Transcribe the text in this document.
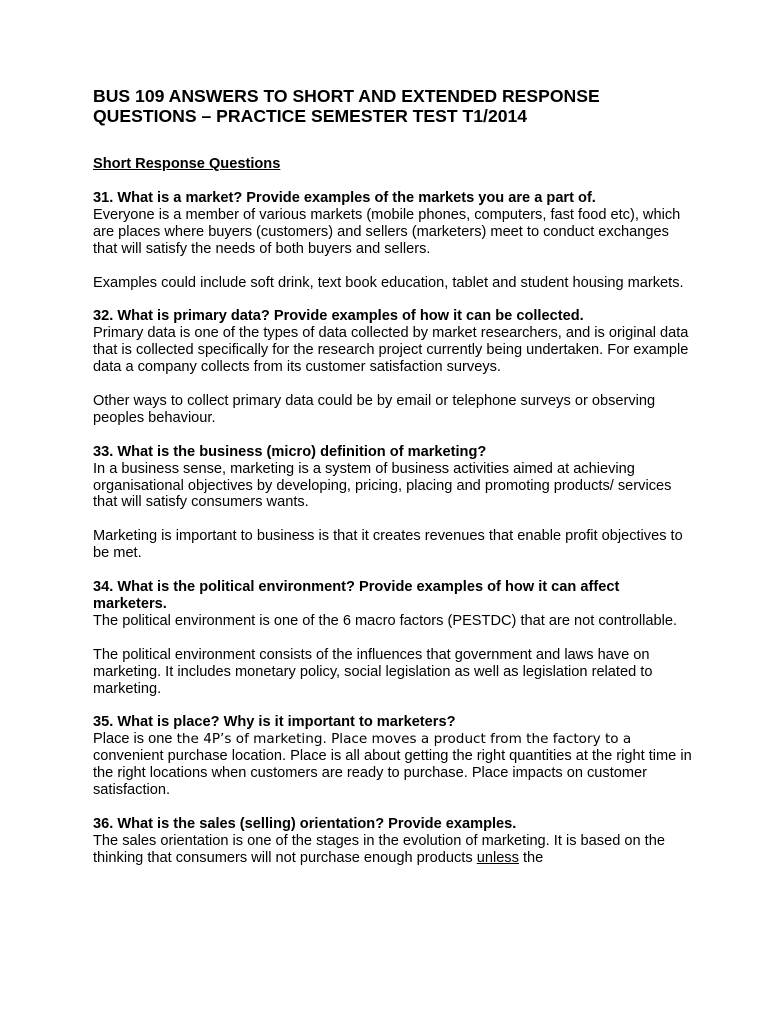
BUS 109 ANSWERS TO SHORT AND EXTENDED RESPONSE
QUESTIONS – PRACTICE SEMESTER TEST T1/2014

Short Response Questions

31. What is a market? Provide examples of the markets you are a part of.

Everyone is a member of various markets (mobile phones, computers, fast food etc), which are places where buyers (customers) and sellers (marketers) meet to conduct exchanges that will satisfy the needs of both buyers and sellers.

Examples could include soft drink, text book education, tablet and student housing markets.

32. What is primary data? Provide examples of how it can be collected.

Primary data is one of the types of data collected by market researchers, and is original data that is collected specifically for the research project currently being undertaken. For example data a company collects from its customer satisfaction surveys.

Other ways to collect primary data could be by email or telephone surveys or observing peoples behaviour.

33. What is the business (micro) definition of marketing?

In a business sense, marketing is a system of business activities aimed at achieving organisational objectives by developing, pricing, placing and promoting products/ services that will satisfy consumers wants.

Marketing is important to business is that it creates revenues that enable profit objectives to be met.

34. What is the political environment? Provide examples of how it can affect marketers.

The political environment is one of the 6 macro factors (PESTDC) that are not controllable.

The political environment consists of the influences that government and laws have on marketing. It includes monetary policy, social legislation as well as legislation related to marketing.

35. What is place? Why is it important to marketers?

Place is one the 4P’s of marketing. Place moves a product from the factory to a convenient purchase location. Place is all about getting the right quantities at the right time in the right locations when customers are ready to purchase. Place impacts on customer satisfaction.

36. What is the sales (selling) orientation? Provide examples.

The sales orientation is one of the stages in the evolution of marketing. It is based on the thinking that consumers will not purchase enough products unless the
